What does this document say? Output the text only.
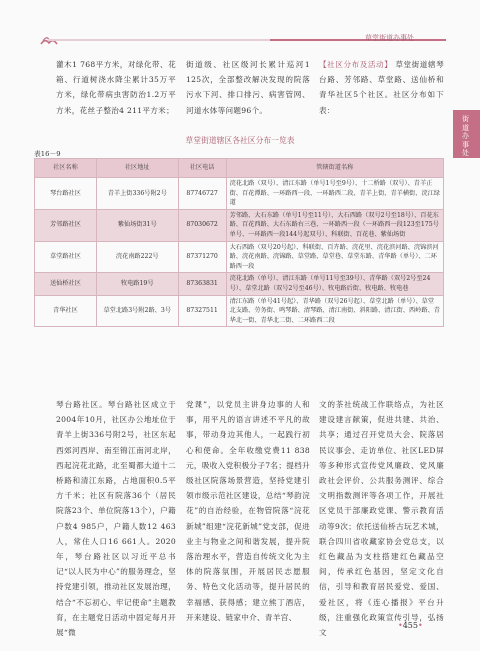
草堂街道办事处
街道办事处
灌木1 768平方米，对绿化带、花箱、行道树浇水降尘累计35万平方米，绿化带病虫害防治1.2万平方米，花丝子整治4 211平方米；
街道级、社区级河长累计巡河1 125次，全部整改解决发现的院落污水下河、排口排污、病害管网、河道水体等问题96个。
【社区分布及活动】 草堂街道辖琴台路、芳邻路、草堂路、送仙桥和青华社区5个社区。社区分布如下表：
草堂街道辖区各社区分布一览表
表16－9
社区名称	社区地址	社区电话	管辖街道名称
琴台路社区	青羊上街336号附2号	87746727	浣花北路（双号）、清江东路（单号1号至9号）、十二桥路（双号）、青羊正街、百花潭路、一环路西一段、一环路西二段、青羊上街、青羊横街、浣江绿道
芳邻路社区	紫仙场街31号	87030672	芳邻路、大石东路（单号1号至11号）、大石西路（双号2号至18号）、百花东路、百花西路、大石东路右三巷、一环路西一段（一环路西一段123至175号单号、一环路西一段144号起双号）、科联街、百花巷、紫仙场街
草堂路社区	浣花南路222号	87371270	大石西路（双号20号起）、科联街、百卉路、浣花里、浣花滨河路、浣锦滨河路、浣花南路、浣锦路、草堂路、草堂巷、草堂东路、青华路（单号）、二环路西一段
送仙桥社区	牧电路19号	87363831	浣花北路（单号）、清江东路（单号11号至39号）、青华路（双号2号至24号）、草堂北路（双号2号至46号）、牧电路后街、牧电路、牧电巷
青华社区	草堂北路3号附2路、3号	87327511	清江东路（单号41号起）、青华路（双号26号起）、草堂北路（单号）、草堂北支路、劳务街、鸣琴路、清琴路、清江南街、斜阳路、清江街、西岭路、青华北一街、青华北二街、二环路西二段
琴台路社区。琴台路社区成立于2004年10月，社区办公地址位于青羊上街336号附2号，社区东起西郊河西岸、南至锦江南河北岸，西起浣花北路，北至蜀都大道十二桥路和清江东路，占地面积0.5平方千米；社区有院落36个（居民院落23个、单位院落13个），户籍户数4 985户，户籍人数12 463人，常住人口16 661人。2020年，琴台路社区以习近平总书记“以人民为中心”的服务理念，坚持党建引领，推动社区发展治理，结合“不忘初心、牢记使命”主题教育，在主题党日活动中固定每月开展“微
党课”，以党员主讲身边事的人和事，用平凡的语言讲述不平凡的故事，带动身边其他人，一起践行初心和使命。全年收缴党费11 838元，吸收入党积极分子7名；提档升级社区院落场景营造，坚持党建引领市级示范社区建设，总结“琴韵浣花”的自治经验，在物管院落“浣花新城”组建“浣花新城”党支部，促进业主与物业之间和谐发展，提升院落治理水平，营造自传统文化为主体的院落氛围，开展居民志愿服务、特色文化活动等，提升居民的幸福感、获得感；建立熊丁酒店，开来建设、链家中介、青羊宫、
文的茶社统战工作联络点，为社区建设建言献策，促进共建、共治、共享；通过召开党员大会、院落居民议事会、走访单位、社区LED屏等多种形式宣传党风廉政、党风廉政社会评价、公共服务测评、综合文明指数测评等各项工作，开展社区党员干部廉政党课、警示教育活动等9次；依托送仙桥古玩艺术城，联合四川省收藏家协会党总支，以红色藏品为支柱搭建红色藏品空间，传承红色基因，坚定文化自信，引导和教育居民爱党、爱国、爱社区，将《连心播报》平台升级，注重强化政策宣传引导，弘扬文
•455•
